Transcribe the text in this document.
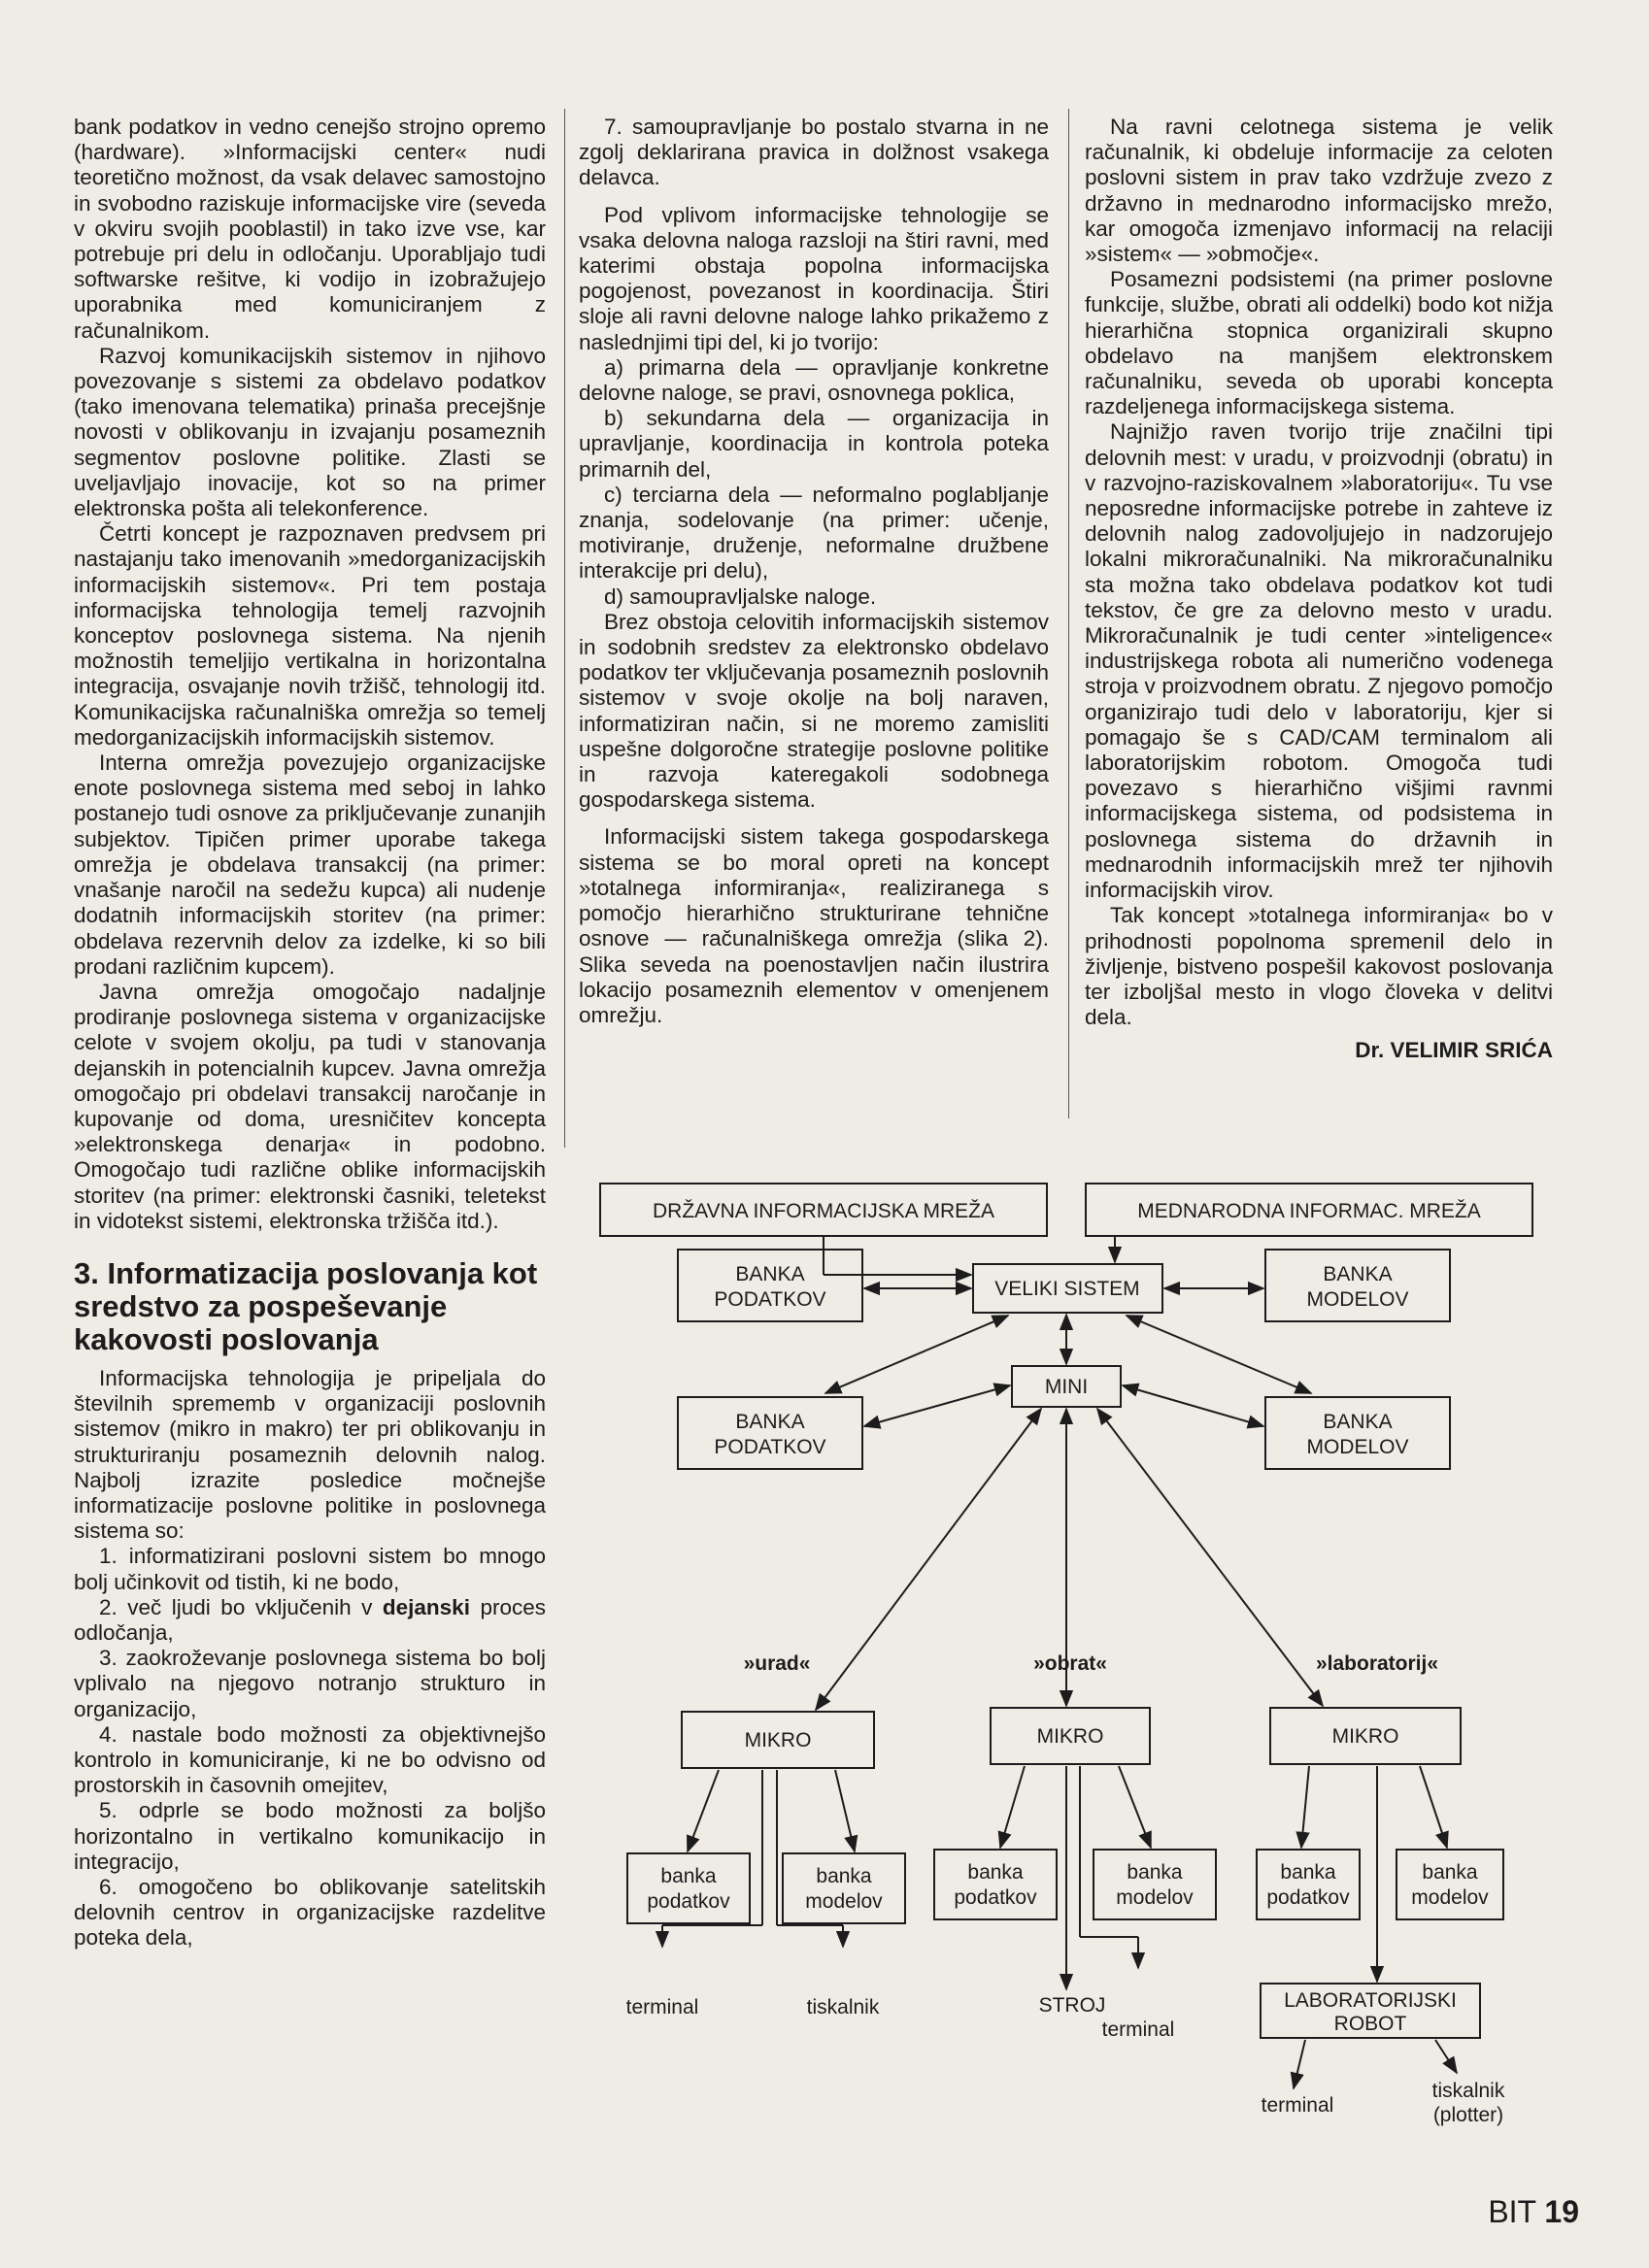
bank podatkov in vedno cenejšo strojno opremo (hardware). »Informacijski center« nudi teoretično možnost, da vsak delavec samostojno in svobodno raziskuje informacijske vire (seveda v okviru svojih pooblastil) in tako izve vse, kar potrebuje pri delu in odločanju. Uporabljajo tudi softwarske rešitve, ki vodijo in izobražujejo uporabnika med komuniciranjem z računalnikom.

Razvoj komunikacijskih sistemov in njihovo povezovanje s sistemi za obdelavo podatkov (tako imenovana telematika) prinaša precejšnje novosti v oblikovanju in izvajanju posameznih segmentov poslovne politike. Zlasti se uveljavljajo inovacije, kot so na primer elektronska pošta ali telekonference.

Četrti koncept je razpoznaven predvsem pri nastajanju tako imenovanih »medorganizacijskih informacijskih sistemov«. Pri tem postaja informacijska tehnologija temelj razvojnih konceptov poslovnega sistema. Na njenih možnostih temeljijo vertikalna in horizontalna integracija, osvajanje novih tržišč, tehnologij itd. Komunikacijska računalniška omrežja so temelj medorganizacijskih informacijskih sistemov.

Interna omrežja povezujejo organizacijske enote poslovnega sistema med seboj in lahko postanejo tudi osnove za priključevanje zunanjih subjektov. Tipičen primer uporabe takega omrežja je obdelava transakcij (na primer: vnašanje naročil na sedežu kupca) ali nudenje dodatnih informacijskih storitev (na primer: obdelava rezervnih delov za izdelke, ki so bili prodani različnim kupcem).

Javna omrežja omogočajo nadaljnje prodiranje poslovnega sistema v organizacijske celote v svojem okolju, pa tudi v stanovanja dejanskih in potencialnih kupcev. Javna omrežja omogočajo pri obdelavi transakcij naročanje in kupovanje od doma, uresničitev koncepta »elektronskega denarja« in podobno. Omogočajo tudi različne oblike informacijskih storitev (na primer: elektronski časniki, teletekst in vidotekst sistemi, elektronska tržišča itd.).

3. Informatizacija poslovanja kot sredstvo za pospeševanje kakovosti poslovanja

Informacijska tehnologija je pripeljala do številnih sprememb v organizaciji poslovnih sistemov (mikro in makro) ter pri oblikovanju in strukturiranju posameznih delovnih nalog. Najbolj izrazite posledice močnejše informatizacije poslovne politike in poslovnega sistema so:

1. informatizirani poslovni sistem bo mnogo bolj učinkovit od tistih, ki ne bodo,

2. več ljudi bo vključenih v dejanski proces odločanja,

3. zaokroževanje poslovnega sistema bo bolj vplivalo na njegovo notranjo strukturo in organizacijo,

4. nastale bodo možnosti za objektivnejšo kontrolo in komuniciranje, ki ne bo odvisno od prostorskih in časovnih omejitev,

5. odprle se bodo možnosti za boljšo horizontalno in vertikalno komunikacijo in integracijo,

6. omogočeno bo oblikovanje satelitskih delovnih centrov in organizacijske razdelitve poteka dela,

7. samoupravljanje bo postalo stvarna in ne zgolj deklarirana pravica in dolžnost vsakega delavca.

Pod vplivom informacijske tehnologije se vsaka delovna naloga razsloji na štiri ravni, med katerimi obstaja popolna informacijska pogojenost, povezanost in koordinacija. Štiri sloje ali ravni delovne naloge lahko prikažemo z naslednjimi tipi del, ki jo tvorijo:

a) primarna dela — opravljanje konkretne delovne naloge, se pravi, osnovnega poklica,

b) sekundarna dela — organizacija in upravljanje, koordinacija in kontrola poteka primarnih del,

c) terciarna dela — neformalno poglabljanje znanja, sodelovanje (na primer: učenje, motiviranje, druženje, neformalne družbene interakcije pri delu),

d) samoupravljalske naloge.

Brez obstoja celovitih informacijskih sistemov in sodobnih sredstev za elektronsko obdelavo podatkov ter vključevanja posameznih poslovnih sistemov v svoje okolje na bolj naraven, informatiziran način, si ne moremo zamisliti uspešne dolgoročne strategije poslovne politike in razvoja kateregakoli sodobnega gospodarskega sistema.

Informacijski sistem takega gospodarskega sistema se bo moral opreti na koncept »totalnega informiranja«, realiziranega s pomočjo hierarhično strukturirane tehnične osnove — računalniškega omrežja (slika 2). Slika seveda na poenostavljen način ilustrira lokacijo posameznih elementov v omenjenem omrežju.

Na ravni celotnega sistema je velik računalnik, ki obdeluje informacije za celoten poslovni sistem in prav tako vzdržuje zvezo z državno in mednarodno informacijsko mrežo, kar omogoča izmenjavo informacij na relaciji »sistem« — »območje«.

Posamezni podsistemi (na primer poslovne funkcije, službe, obrati ali oddelki) bodo kot nižja hierarhična stopnica organizirali skupno obdelavo na manjšem elektronskem računalniku, seveda ob uporabi koncepta razdeljenega informacijskega sistema.

Najnižjo raven tvorijo trije značilni tipi delovnih mest: v uradu, v proizvodnji (obratu) in v razvojno-raziskovalnem »laboratoriju«. Tu vse neposredne informacijske potrebe in zahteve iz delovnih nalog zadovoljujejo in nadzorujejo lokalni mikroračunalniki. Na mikroračunalniku sta možna tako obdelava podatkov kot tudi tekstov, če gre za delovno mesto v uradu. Mikroračunalnik je tudi center »inteligence« industrijskega robota ali numerično vodenega stroja v proizvodnem obratu. Z njegovo pomočjo organizirajo tudi delo v laboratoriju, kjer si pomagajo še s CAD/CAM terminalom ali laboratorijskim robotom. Omogoča tudi povezavo s hierarhično višjimi ravnmi informacijskega sistema, od podsistema in poslovnega sistema do državnih in mednarodnih informacijskih mrež ter njihovih informacijskih virov.

Tak koncept »totalnega informiranja« bo v prihodnosti popolnoma spremenil delo in življenje, bistveno pospešil kakovost poslovanja ter izboljšal mesto in vlogo človeka v delitvi dela.

Dr. VELIMIR SRIĆA
DRŽAVNA INFORMACIJSKA MREŽA	MEDNARODNA INFORMAC. MREŽA
VELIKI SISTEM
BANKA
PODATKOV
BANKA
MODELOV
MINI
BANKA
PODATKOV
BANKA
MODELOV
»urad«	»obrat«	»laboratorij«
MIKRO	MIKRO	MIKRO
banka
podatkov
banka
modelov
banka
podatkov
banka
modelov
banka
podatkov
banka
modelov
terminal	tiskalnik	STROJ
terminal
LABORATORIJSKI
ROBOT
terminal
tiskalnik
(plotter)
BIT 19
